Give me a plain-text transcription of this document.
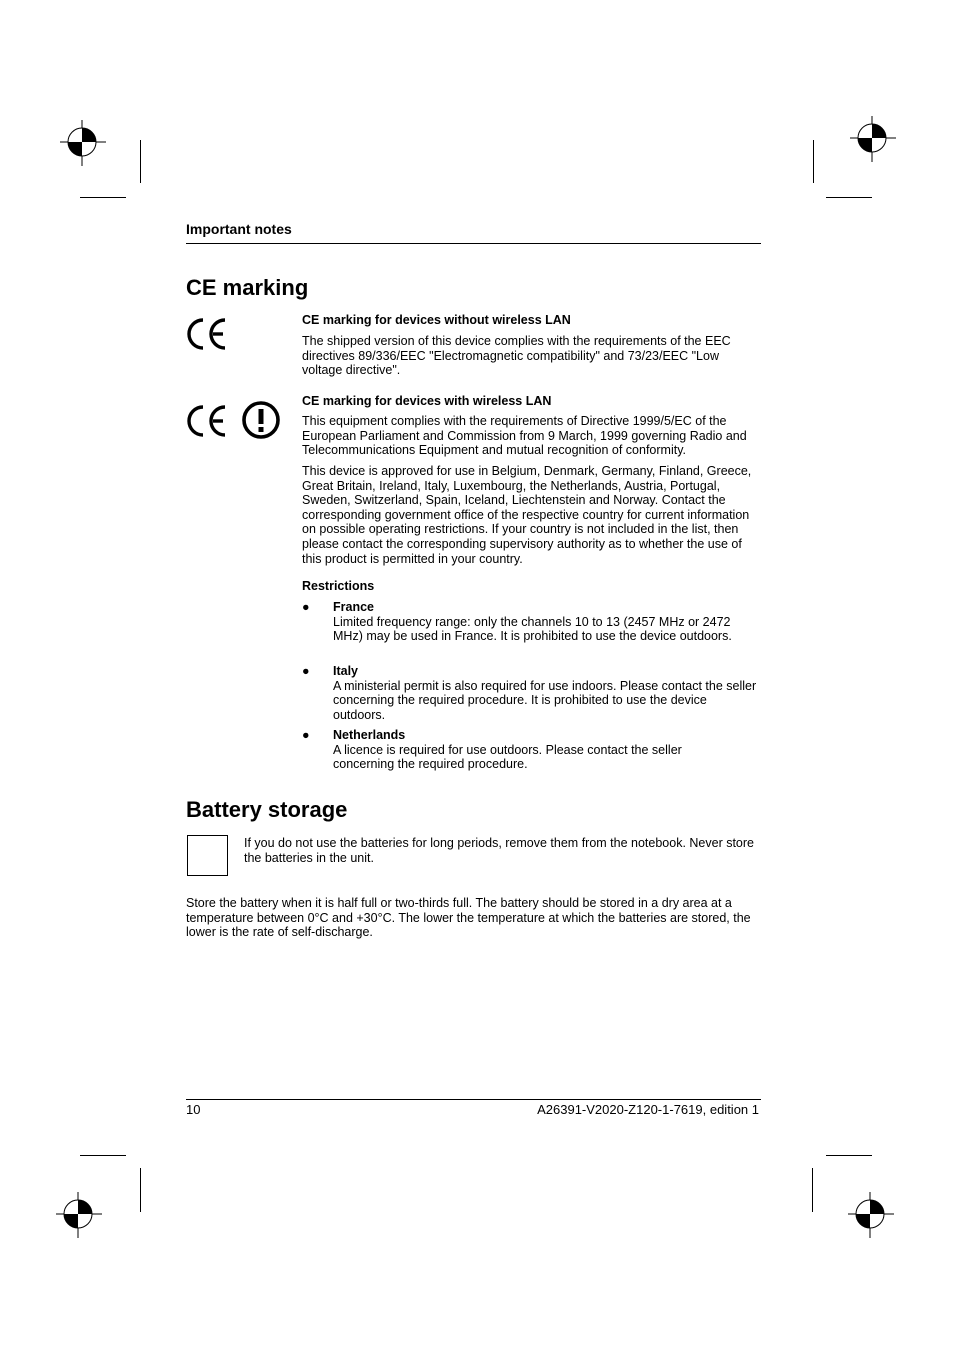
Important notes
CE marking
CE marking for devices without wireless LAN
The shipped version of this device complies with the requirements of the EEC directives 89/336/EEC "Electromagnetic compatibility" and 73/23/EEC "Low voltage directive".
CE marking for devices with wireless LAN
This equipment complies with the requirements of Directive 1999/5/EC of the European Parliament and Commission from 9 March, 1999 governing Radio and Telecommunications Equipment and mutual recognition of conformity.
This device is approved for use in Belgium, Denmark, Germany, Finland, Greece, Great Britain, Ireland, Italy, Luxembourg, the Netherlands, Austria, Portugal, Sweden, Switzerland, Spain, Iceland, Liechtenstein and Norway. Contact the corresponding government office of the respective country for current information on possible operating restrictions. If your country is not included in the list, then please contact the corresponding supervisory authority as to whether the use of this product is permitted in your country.
Restrictions
● France
Limited frequency range: only the channels 10 to 13 (2457 MHz or 2472 MHz) may be used in France. It is prohibited to use the device outdoors.
● Italy
A ministerial permit is also required for use indoors. Please contact the seller concerning the required procedure. It is prohibited to use the device outdoors.
● Netherlands
A licence is required for use outdoors. Please contact the seller concerning the required procedure.
Battery storage
If you do not use the batteries for long periods, remove them from the notebook. Never store the batteries in the unit.
Store the battery when it is half full or two-thirds full. The battery should be stored in a dry area at a temperature between 0°C and +30°C. The lower the temperature at which the batteries are stored, the lower is the rate of self-discharge.
10	A26391-V2020-Z120-1-7619, edition 1
